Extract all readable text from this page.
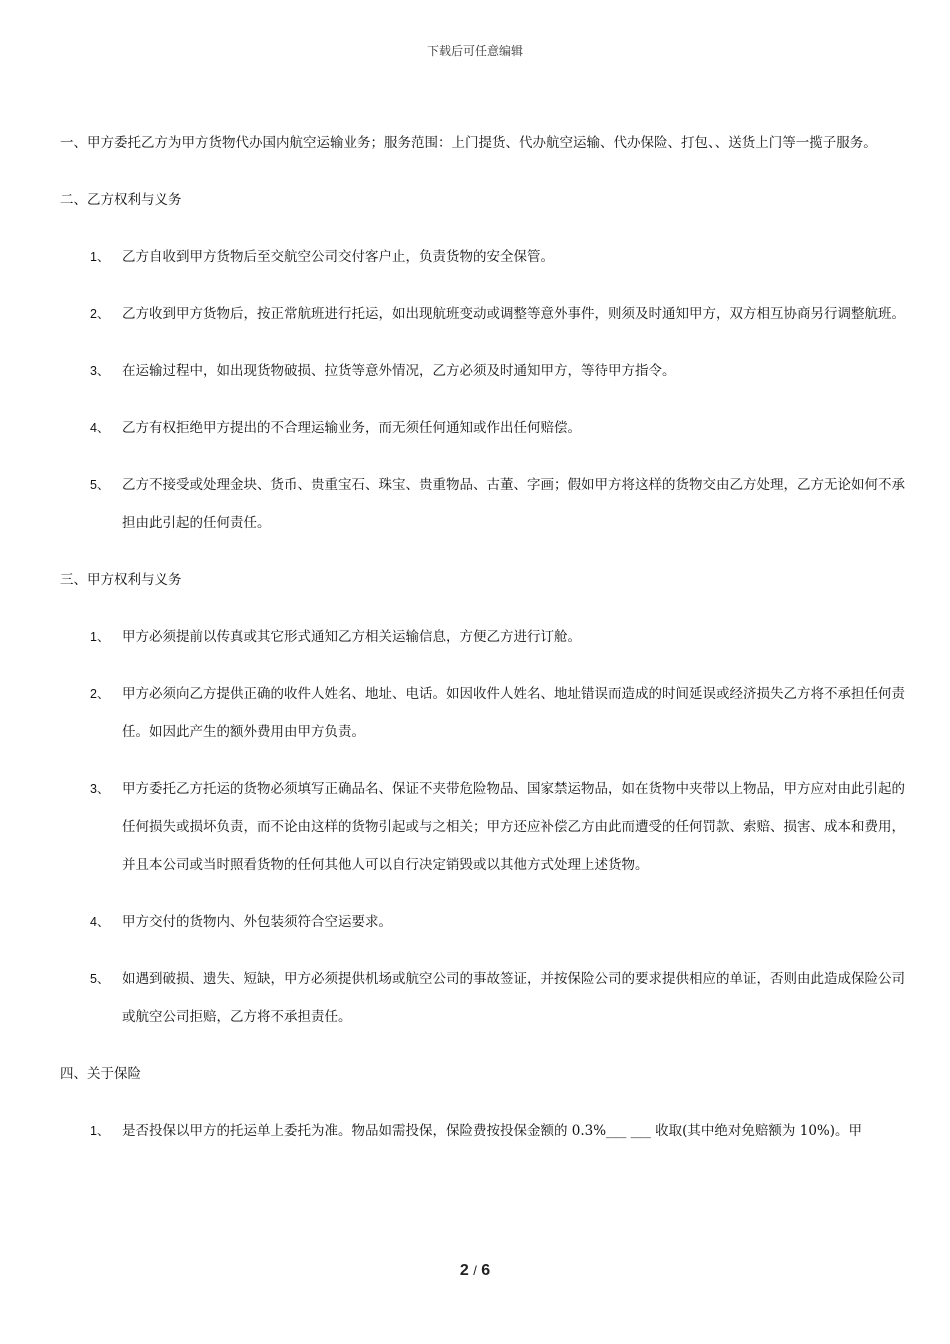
下载后可任意编辑
一、甲方委托乙方为甲方货物代办国内航空运输业务；服务范围：上门提货、代办航空运输、代办保险、打包、、送货上门等一揽子服务。
二、乙方权利与义务
1、 乙方自收到甲方货物后至交航空公司交付客户止，负责货物的安全保管。
2、 乙方收到甲方货物后，按正常航班进行托运，如出现航班变动或调整等意外事件，则须及时通知甲方，双方相互协商另行调整航班。
3、 在运输过程中，如出现货物破损、拉货等意外情况，乙方必须及时通知甲方，等待甲方指令。
4、 乙方有权拒绝甲方提出的不合理运输业务，而无须任何通知或作出任何赔偿。
5、 乙方不接受或处理金块、货币、贵重宝石、珠宝、贵重物品、古董、字画；假如甲方将这样的货物交由乙方处理，乙方无论如何不承担由此引起的任何责任。
三、甲方权利与义务
1、 甲方必须提前以传真或其它形式通知乙方相关运输信息，方便乙方进行订舱。
2、 甲方必须向乙方提供正确的收件人姓名、地址、电话。如因收件人姓名、地址错误而造成的时间延误或经济损失乙方将不承担任何责任。如因此产生的额外费用由甲方负责。
3、 甲方委托乙方托运的货物必须填写正确品名、保证不夹带危险物品、国家禁运物品，如在货物中夹带以上物品，甲方应对由此引起的任何损失或损坏负责，而不论由这样的货物引起或与之相关；甲方还应补偿乙方由此而遭受的任何罚款、索赔、损害、成本和费用，并且本公司或当时照看货物的任何其他人可以自行决定销毁或以其他方式处理上述货物。
4、 甲方交付的货物内、外包装须符合空运要求。
5、 如遇到破损、遗失、短缺，甲方必须提供机场或航空公司的事故签证，并按保险公司的要求提供相应的单证，否则由此造成保险公司或航空公司拒赔，乙方将不承担责任。
四、关于保险
1、 是否投保以甲方的托运单上委托为准。物品如需投保，保险费按投保金额的 0.3%___ ___ 收取(其中绝对免赔额为 10%)。甲
2 / 6
